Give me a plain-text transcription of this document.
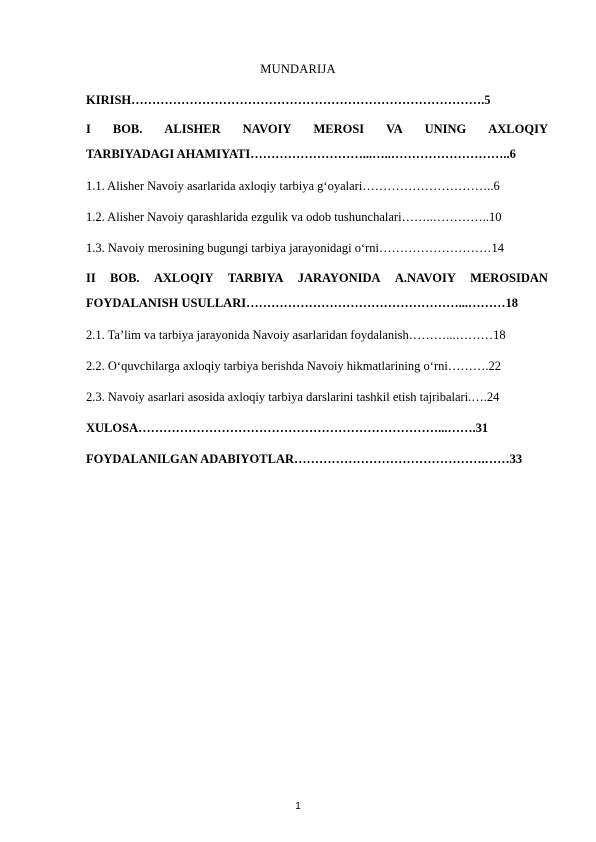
MUNDARIJA
KIRISH………………………………………………………………………….5
I BOB. ALISHER NAVOIY MEROSI VA UNING AXLOQIY
TARBIYADAGI AHAMIYATI………………………...…..………………………..6
1.1. Alisher Navoiy asarlarida axloqiy tarbiya g‘oyalari…………………………..6
1.2. Alisher Navoiy qarashlarida ezgulik va odob tushunchalari……..…………..10
1.3. Navoiy merosining bugungi tarbiya jarayonidagi o‘rni………………………14
II BOB. AXLOQIY TARBIYA JARAYONIDA A.NAVOIY MEROSIDAN
FOYDALANISH USULLARI……………………………………………...………18
2.1. Ta’lim va tarbiya jarayonida Navoiy asarlaridan foydalanish………...………18
2.2. O‘quvchilarga axloqiy tarbiya berishda Navoiy hikmatlarining o‘rni……….22
2.3. Navoiy asarlari asosida axloqiy tarbiya darslarini tashkil etish tajribalari.….24
XULOSA………………………………………………………………...…….31
FOYDALANILGAN ADABIYOTLAR……………………………………….……33
1
